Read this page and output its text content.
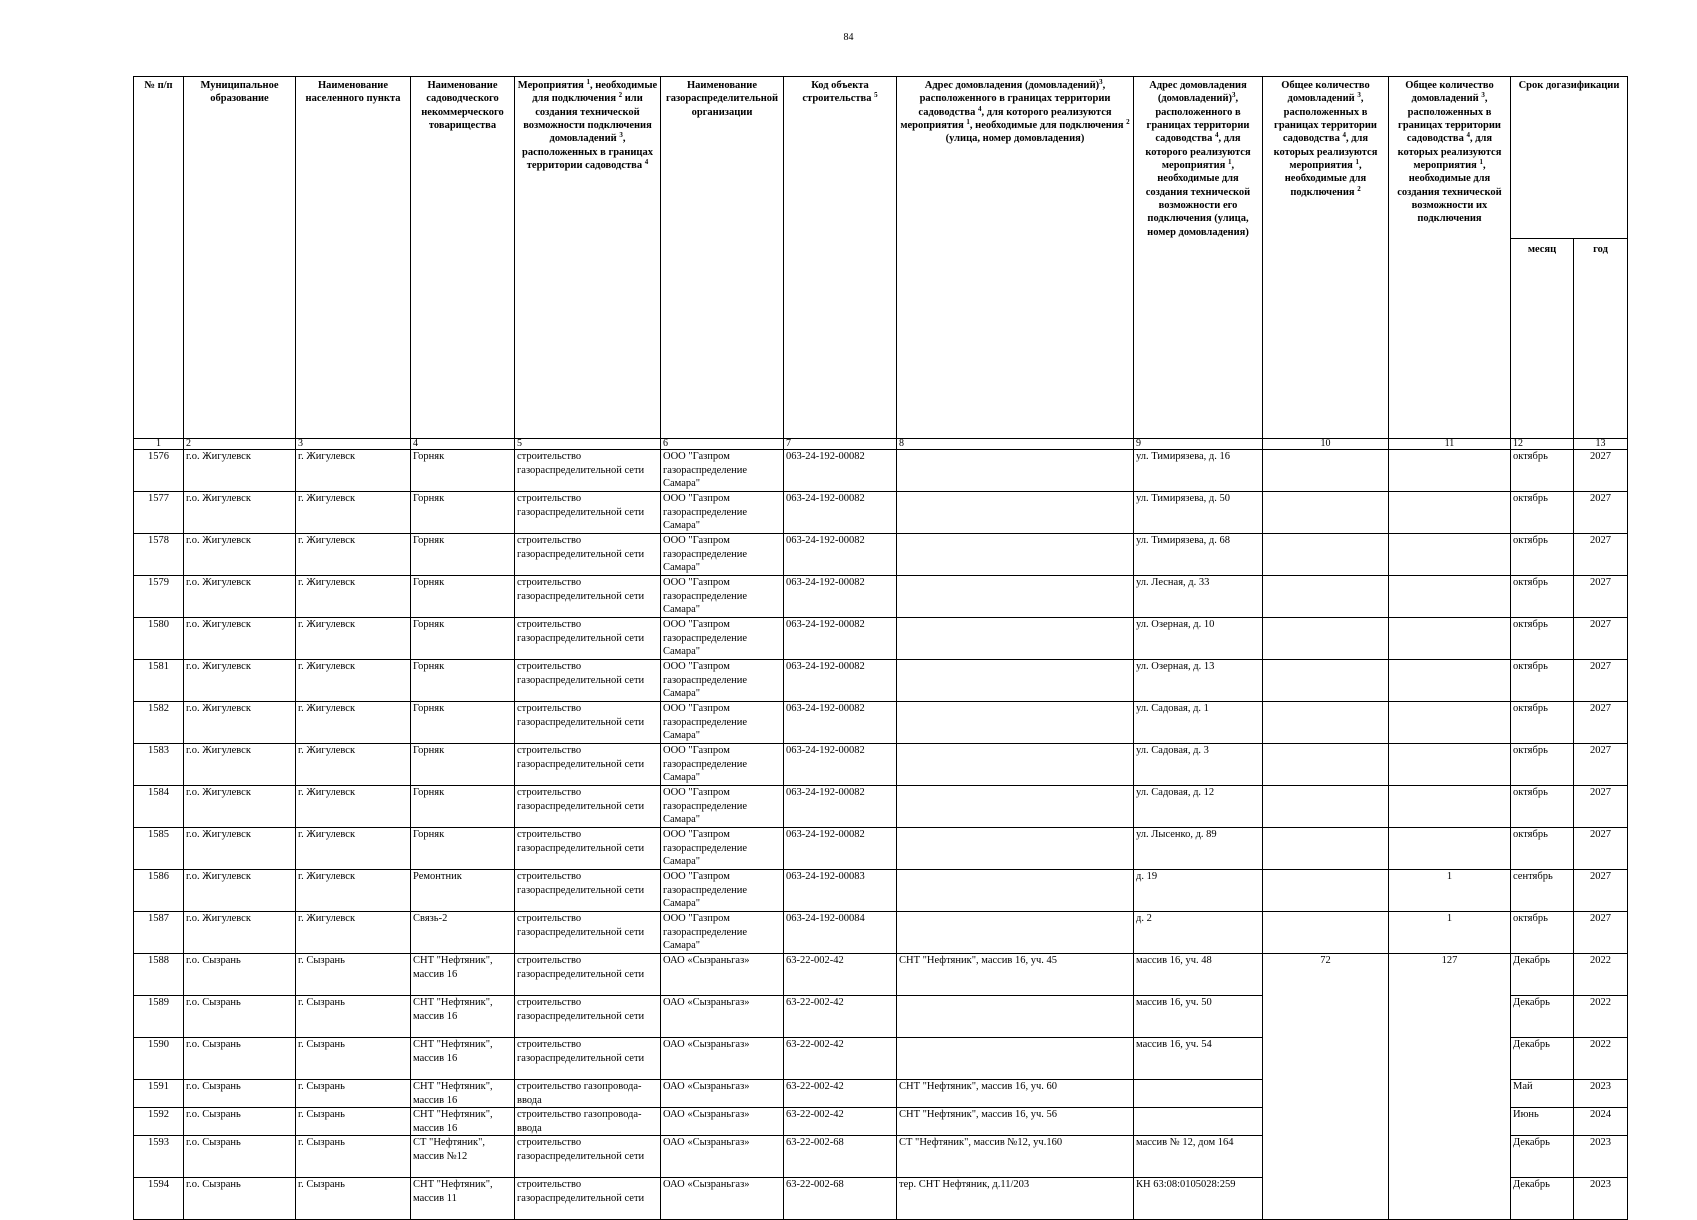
84
№ п/п	Муниципальное образование	Наименование населенного пункта	Наименование садоводческого некоммерческого товарищества	Мероприятия $^1$, необходимые для подключения $^2$ или создания технической возможности подключения домовладений $^3$, расположенных в границах территории садоводства $^4$	Наименование газораспределительной организации	Код объекта строительства $^5$	Адрес домовладения (домовладений)$^3$, расположенного в границах территории садоводства $^4$, для которого реализуются мероприятия $^1$, необходимые для подключения $^2$ (улица, номер домовладения)	Адрес домовладения (домовладений)$^3$, расположенного в границах территории садоводства $^4$, для которого реализуются мероприятия $^1$, необходимые для создания технической возможности его подключения (улица, номер домовладения)	Общее количество домовладений $^3$, расположенных в границах территории садоводства $^4$, для которых реализуются мероприятия $^1$, необходимые для подключения $^2$	Общее количество домовладений $^3$, расположенных в границах территории садоводства $^4$, для которых реализуются мероприятия $^1$, необходимые для создания технической возможности их подключения	Срок догазификации	
											месяц	год
1	2	3	4	5	6	7	8	9	10	11	12	13
1576	г.о. Жигулевск	г. Жигулевск	Горняк	строительство газораспределительной сети	ООО "Газпром газораспределение Самара"	063-24-192-00082		ул. Тимирязева, д. 16			октябрь	2027
1577	г.о. Жигулевск	г. Жигулевск	Горняк	строительство газораспределительной сети	ООО "Газпром газораспределение Самара"	063-24-192-00082		ул. Тимирязева, д. 50			октябрь	2027
1578	г.о. Жигулевск	г. Жигулевск	Горняк	строительство газораспределительной сети	ООО "Газпром газораспределение Самара"	063-24-192-00082		ул. Тимирязева, д. 68			октябрь	2027
1579	г.о. Жигулевск	г. Жигулевск	Горняк	строительство газораспределительной сети	ООО "Газпром газораспределение Самара"	063-24-192-00082		ул. Лесная, д. 33			октябрь	2027
1580	г.о. Жигулевск	г. Жигулевск	Горняк	строительство газораспределительной сети	ООО "Газпром газораспределение Самара"	063-24-192-00082		ул. Озерная, д. 10			октябрь	2027
1581	г.о. Жигулевск	г. Жигулевск	Горняк	строительство газораспределительной сети	ООО "Газпром газораспределение Самара"	063-24-192-00082		ул. Озерная, д. 13			октябрь	2027
1582	г.о. Жигулевск	г. Жигулевск	Горняк	строительство газораспределительной сети	ООО "Газпром газораспределение Самара"	063-24-192-00082		ул. Садовая, д. 1			октябрь	2027
1583	г.о. Жигулевск	г. Жигулевск	Горняк	строительство газораспределительной сети	ООО "Газпром газораспределение Самара"	063-24-192-00082		ул. Садовая, д. 3			октябрь	2027
1584	г.о. Жигулевск	г. Жигулевск	Горняк	строительство газораспределительной сети	ООО "Газпром газораспределение Самара"	063-24-192-00082		ул. Садовая, д. 12			октябрь	2027
1585	г.о. Жигулевск	г. Жигулевск	Горняк	строительство газораспределительной сети	ООО "Газпром газораспределение Самара"	063-24-192-00082		ул. Лысенко, д. 89			октябрь	2027
1586	г.о. Жигулевск	г. Жигулевск	Ремонтник	строительство газораспределительной сети	ООО "Газпром газораспределение Самара"	063-24-192-00083		д. 19		1	сентябрь	2027
1587	г.о. Жигулевск	г. Жигулевск	Связь-2	строительство газораспределительной сети	ООО "Газпром газораспределение Самара"	063-24-192-00084		д. 2		1	октябрь	2027
1588	г.о. Сызрань	г. Сызрань	СНТ "Нефтяник", массив 16	строительство газораспределительной сети	ОАО «Сызраньгаз»	63-22-002-42	СНТ "Нефтяник", массив 16, уч. 45	массив 16, уч. 48	72	127	Декабрь	2022
1589	г.о. Сызрань	г. Сызрань	СНТ "Нефтяник", массив 16	строительство газораспределительной сети	ОАО «Сызраньгаз»	63-22-002-42		массив 16, уч. 50			Декабрь	2022
1590	г.о. Сызрань	г. Сызрань	СНТ "Нефтяник", массив 16	строительство газораспределительной сети	ОАО «Сызраньгаз»	63-22-002-42		массив 16, уч. 54			Декабрь	2022
1591	г.о. Сызрань	г. Сызрань	СНТ "Нефтяник", массив 16	строительство газопровода-ввода	ОАО «Сызраньгаз»	63-22-002-42	СНТ "Нефтяник", массив 16, уч. 60				Май	2023
1592	г.о. Сызрань	г. Сызрань	СНТ "Нефтяник", массив 16	строительство газопровода-ввода	ОАО «Сызраньгаз»	63-22-002-42	СНТ "Нефтяник", массив 16, уч. 56				Июнь	2024
1593	г.о. Сызрань	г. Сызрань	СТ "Нефтяник", массив №12	строительство газораспределительной сети	ОАО «Сызраньгаз»	63-22-002-68	СТ "Нефтяник", массив №12, уч.160	массив № 12, дом 164			Декабрь	2023
1594	г.о. Сызрань	г. Сызрань	СНТ "Нефтяник", массив 11	строительство газораспределительной сети	ОАО «Сызраньгаз»	63-22-002-68	тер. СНТ Нефтяник, д.11/203	КН 63:08:0105028:259			Декабрь	2023
